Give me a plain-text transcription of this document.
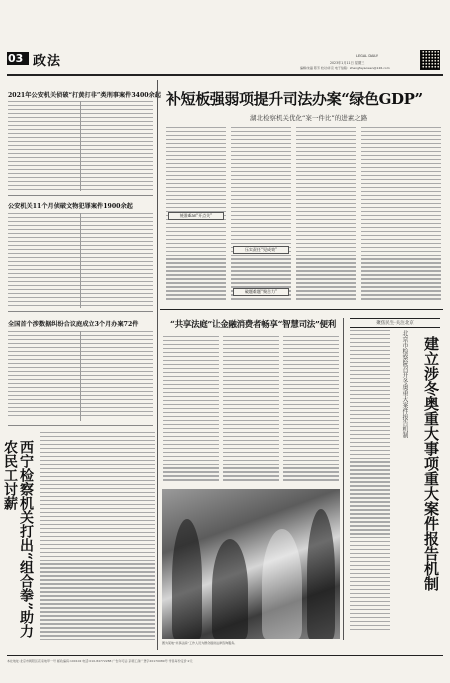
03 政法	LEGAL DAILY
2023年1月11日 星期三
编辑/朱磊 陈芳 校对/许克 电子信箱：zhengfayaowen@126.com
2021年公安机关侦破“打黄打非”类刑事案件3400余起
公安机关11个月侦破文物犯罪案件1900余起
全国首个涉数据纠纷合议庭成立3个月办案72件
西宁检察机关打出“组合拳”助力农民工讨薪
补短板强弱项提升司法办案“绿色GDP”
湖北检察机关优化“案一件比”的进素之路
统准dian“开点关”
压实责任“见成效”
破题难题“聚合力”
“共享法庭”让金融消费者畅享“智慧司法”便利
图为某地“共享法庭”工作人员为群众提供法律咨询服务。
聚焦民生·关注北京
北京市检察院召开冬奥重大案件报告机制 建立涉冬奥重大事项重大案件报告机制
本社地址:北京市朝阳区花家地甲一号 邮政编码:100102 电话:010-84772288 广告许可证:京朝工商广登字20170089号 零售每份定价:2元
